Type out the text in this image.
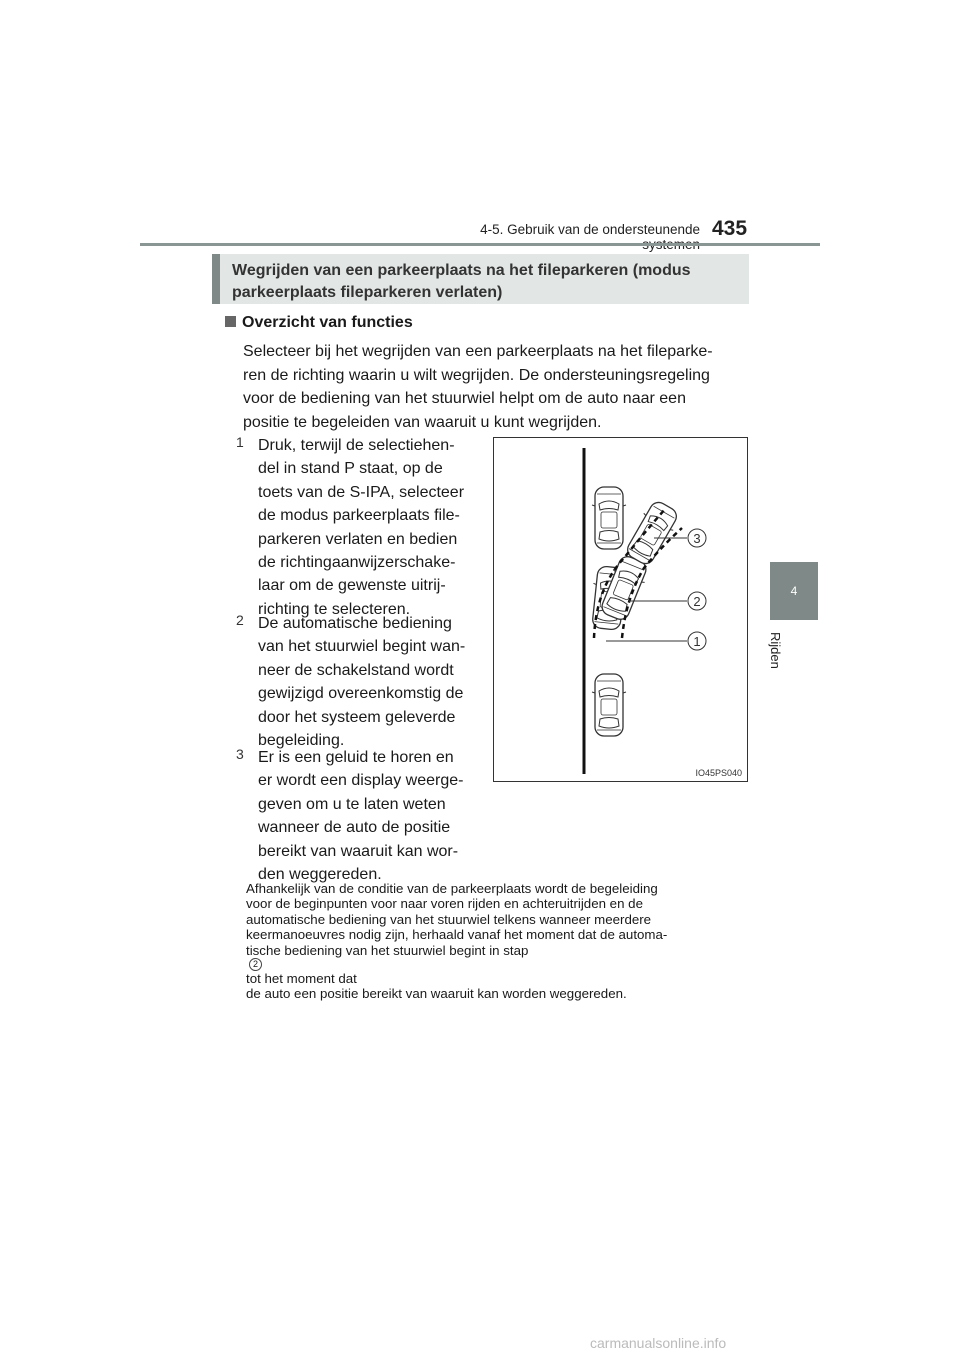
4-5. Gebruik van de ondersteunende 435
4
Rijden
Wegrijden van een parkeerplaats na het fileparkeren (modus
parkeerplaats fileparkeren verlaten)
Overzicht van functies
Selecteer bij het wegrijden van een parkeerplaats na het fileparke-
ren de richting waarin u wilt wegrijden. De ondersteuningsregeling
voor de bediening van het stuurwiel helpt om de auto naar een
positie te begeleiden van waaruit u kunt wegrijden.
1 Druk, terwijl de selectiehen-
del in stand P staat, op de
toets van de S-IPA, selecteer
de modus parkeerplaats file-
parkeren verlaten en bedien
de richtingaanwijzerschake-
laar om de gewenste uitrij-
richting te selecteren.
2 De automatische bediening
van het stuurwiel begint wan-
neer de schakelstand wordt
gewijzigd overeenkomstig de
door het systeem geleverde
begeleiding.
3 Er is een geluid te horen en
er wordt een display weerge-
geven om u te laten weten
wanneer de auto de positie
bereikt van waaruit kan wor-
den weggereden.
3
2
1
IO45PS040
Afhankelijk van de conditie van de parkeerplaats wordt de begeleiding
voor de beginpunten voor naar voren rijden en achteruitrijden en de
automatische bediening van het stuurwiel telkens wanneer meerdere
keermanoeuvres nodig zijn, herhaald vanaf het moment dat de automa-
tische bediening van het stuurwiel begint in stap
2
tot het moment dat
de auto een positie bereikt van waaruit kan worden weggereden.
carmanualsonline.info
